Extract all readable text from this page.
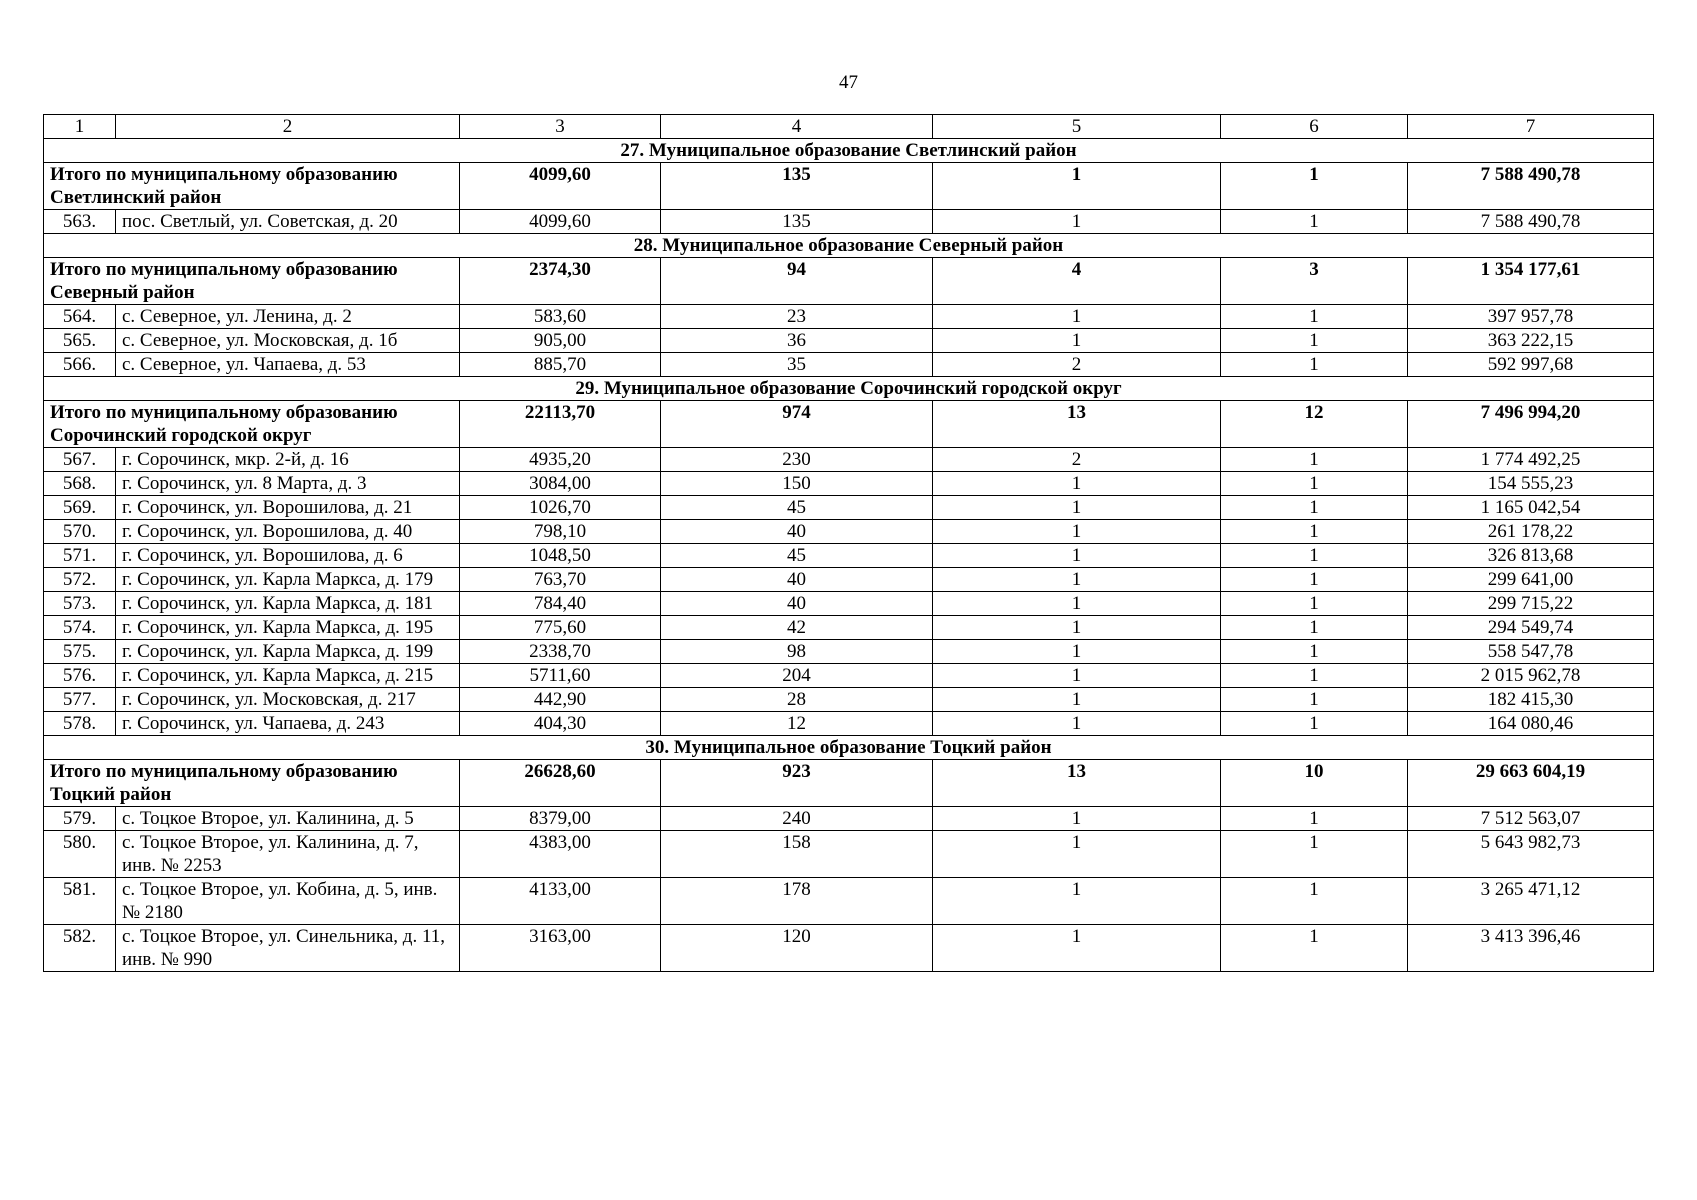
47
1	2	3	4	5	6	7
27. Муниципальное образование Светлинский район						
Итого по муниципальному образованию Светлинский район		4099,60	135	1	1	7 588 490,78
563.	пос. Светлый, ул. Советская, д. 20	4099,60	135	1	1	7 588 490,78
28. Муниципальное образование Северный район						
Итого по муниципальному образованию Северный район		2374,30	94	4	3	1 354 177,61
564.	с. Северное, ул. Ленина, д. 2	583,60	23	1	1	397 957,78
565.	с. Северное, ул. Московская, д. 1б	905,00	36	1	1	363 222,15
566.	с. Северное, ул. Чапаева, д. 53	885,70	35	2	1	592 997,68
29. Муниципальное образование Сорочинский городской округ						
Итого по муниципальному образованию Сорочинский городской округ		22113,70	974	13	12	7 496 994,20
567.	г. Сорочинск, мкр. 2-й, д. 16	4935,20	230	2	1	1 774 492,25
568.	г. Сорочинск, ул. 8 Марта, д. 3	3084,00	150	1	1	154 555,23
569.	г. Сорочинск, ул. Ворошилова, д. 21	1026,70	45	1	1	1 165 042,54
570.	г. Сорочинск, ул. Ворошилова, д. 40	798,10	40	1	1	261 178,22
571.	г. Сорочинск, ул. Ворошилова, д. 6	1048,50	45	1	1	326 813,68
572.	г. Сорочинск, ул. Карла Маркса, д. 179	763,70	40	1	1	299 641,00
573.	г. Сорочинск, ул. Карла Маркса, д. 181	784,40	40	1	1	299 715,22
574.	г. Сорочинск, ул. Карла Маркса, д. 195	775,60	42	1	1	294 549,74
575.	г. Сорочинск, ул. Карла Маркса, д. 199	2338,70	98	1	1	558 547,78
576.	г. Сорочинск, ул. Карла Маркса, д. 215	5711,60	204	1	1	2 015 962,78
577.	г. Сорочинск, ул. Московская, д. 217	442,90	28	1	1	182 415,30
578.	г. Сорочинск, ул. Чапаева, д. 243	404,30	12	1	1	164 080,46
30. Муниципальное образование Тоцкий район						
Итого по муниципальному образованию Тоцкий район		26628,60	923	13	10	29 663 604,19
579.	с. Тоцкое Второе, ул. Калинина, д. 5	8379,00	240	1	1	7 512 563,07
580.	с. Тоцкое Второе, ул. Калинина, д. 7, инв. № 2253	4383,00	158	1	1	5 643 982,73
581.	с. Тоцкое Второе, ул. Кобина, д. 5, инв. № 2180	4133,00	178	1	1	3 265 471,12
582.	с. Тоцкое Второе, ул. Синельника, д. 11, инв. № 990	3163,00	120	1	1	3 413 396,46
